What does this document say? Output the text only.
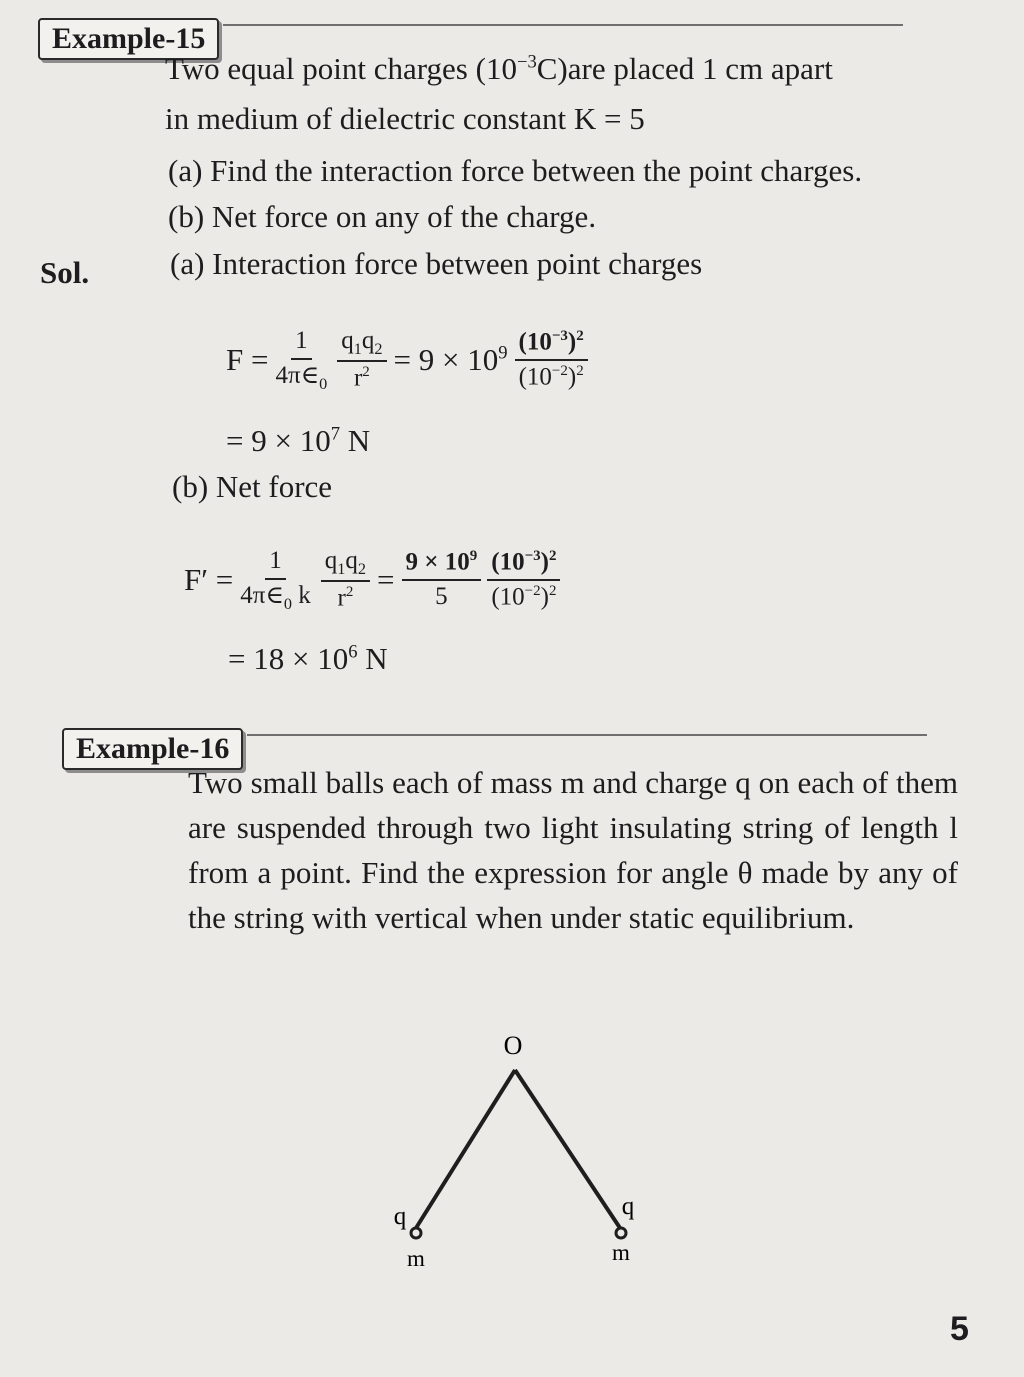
Example-15
Two equal point charges $(10^{-3}C)are$ placed 1 cm apart
in medium of dielectric constant K = 5
(a) Find the interaction force between the point charges.
(b) Net force on any of the charge.
Sol.	(a) Interaction force between point charges
$F = \frac{1}{4\pi\in_0} \frac{q_1q_2}{r^2} = 9 \times 10^9 \frac{(10^{-3})^2}{(10^{-2})^2}$
= $9 \times 10^7$ N
(b) Net force
$F' = \frac{1}{4\pi\in_0 k} \frac{q_1q_2}{r^2} = \frac{9 \times 10^9}{5} \frac{(10^{-3})^2}{(10^{-2})^2}$
= $18 \times 10^6$ N
Example-16
Two small balls each of mass m and charge q on each of them are suspended through two light insulating string of length l from a point. Find the expression for angle θ made by any of the string with vertical when under static equilibrium.
O
q	q
m	m
5
